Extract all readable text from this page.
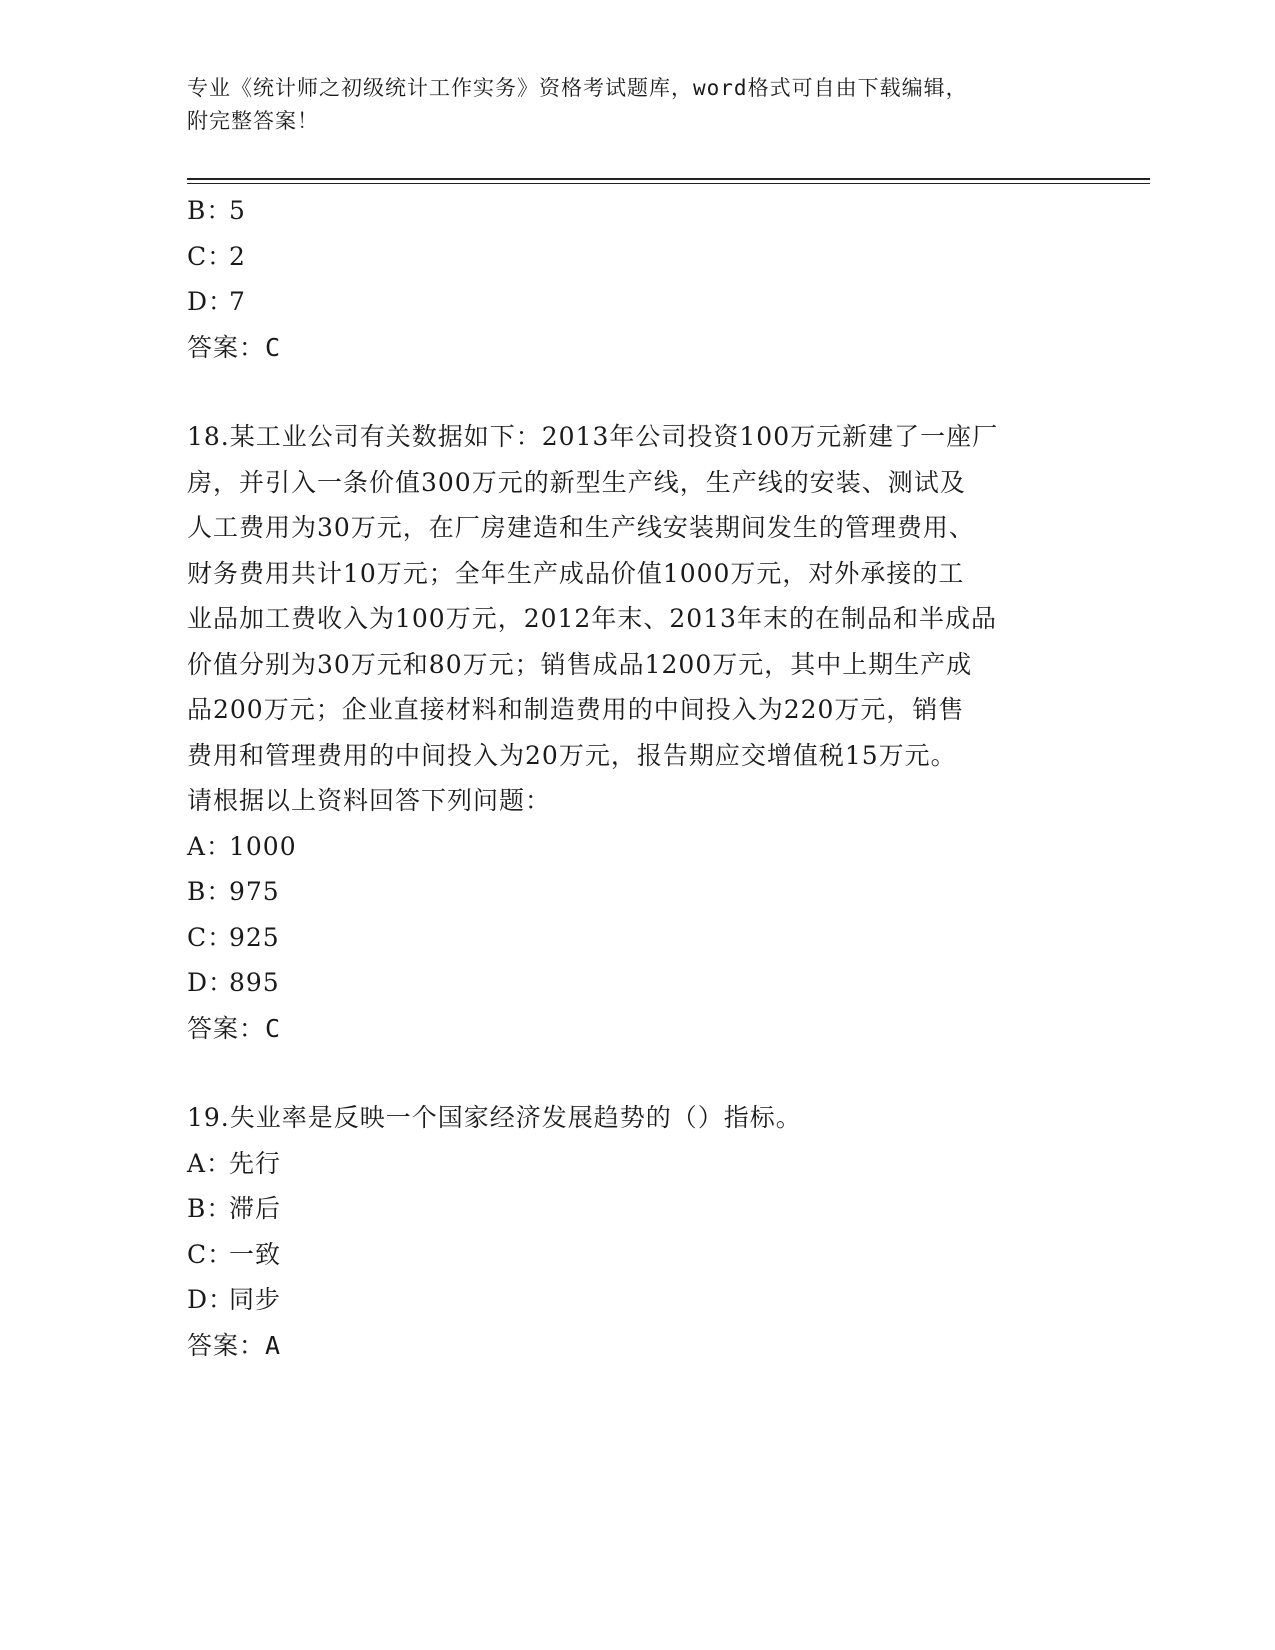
专业《统计师之初级统计工作实务》资格考试题库，word格式可自由下载编辑，
附完整答案！
B：5
C：2
D：7
答案：C
18.某工业公司有关数据如下：2013年公司投资100万元新建了一座厂
房，并引入一条价值300万元的新型生产线，生产线的安装、测试及
人工费用为30万元，在厂房建造和生产线安装期间发生的管理费用、
财务费用共计10万元；全年生产成品价值1000万元，对外承接的工
业品加工费收入为100万元，2012年末、2013年末的在制品和半成品
价值分别为30万元和80万元；销售成品1200万元，其中上期生产成
品200万元；企业直接材料和制造费用的中间投入为220万元，销售
费用和管理费用的中间投入为20万元，报告期应交增值税15万元。
请根据以上资料回答下列问题：
A：1000
B：975
C：925
D：895
答案：C
19.失业率是反映一个国家经济发展趋势的（）指标。
A：先行
B：滞后
C：一致
D：同步
答案：A
